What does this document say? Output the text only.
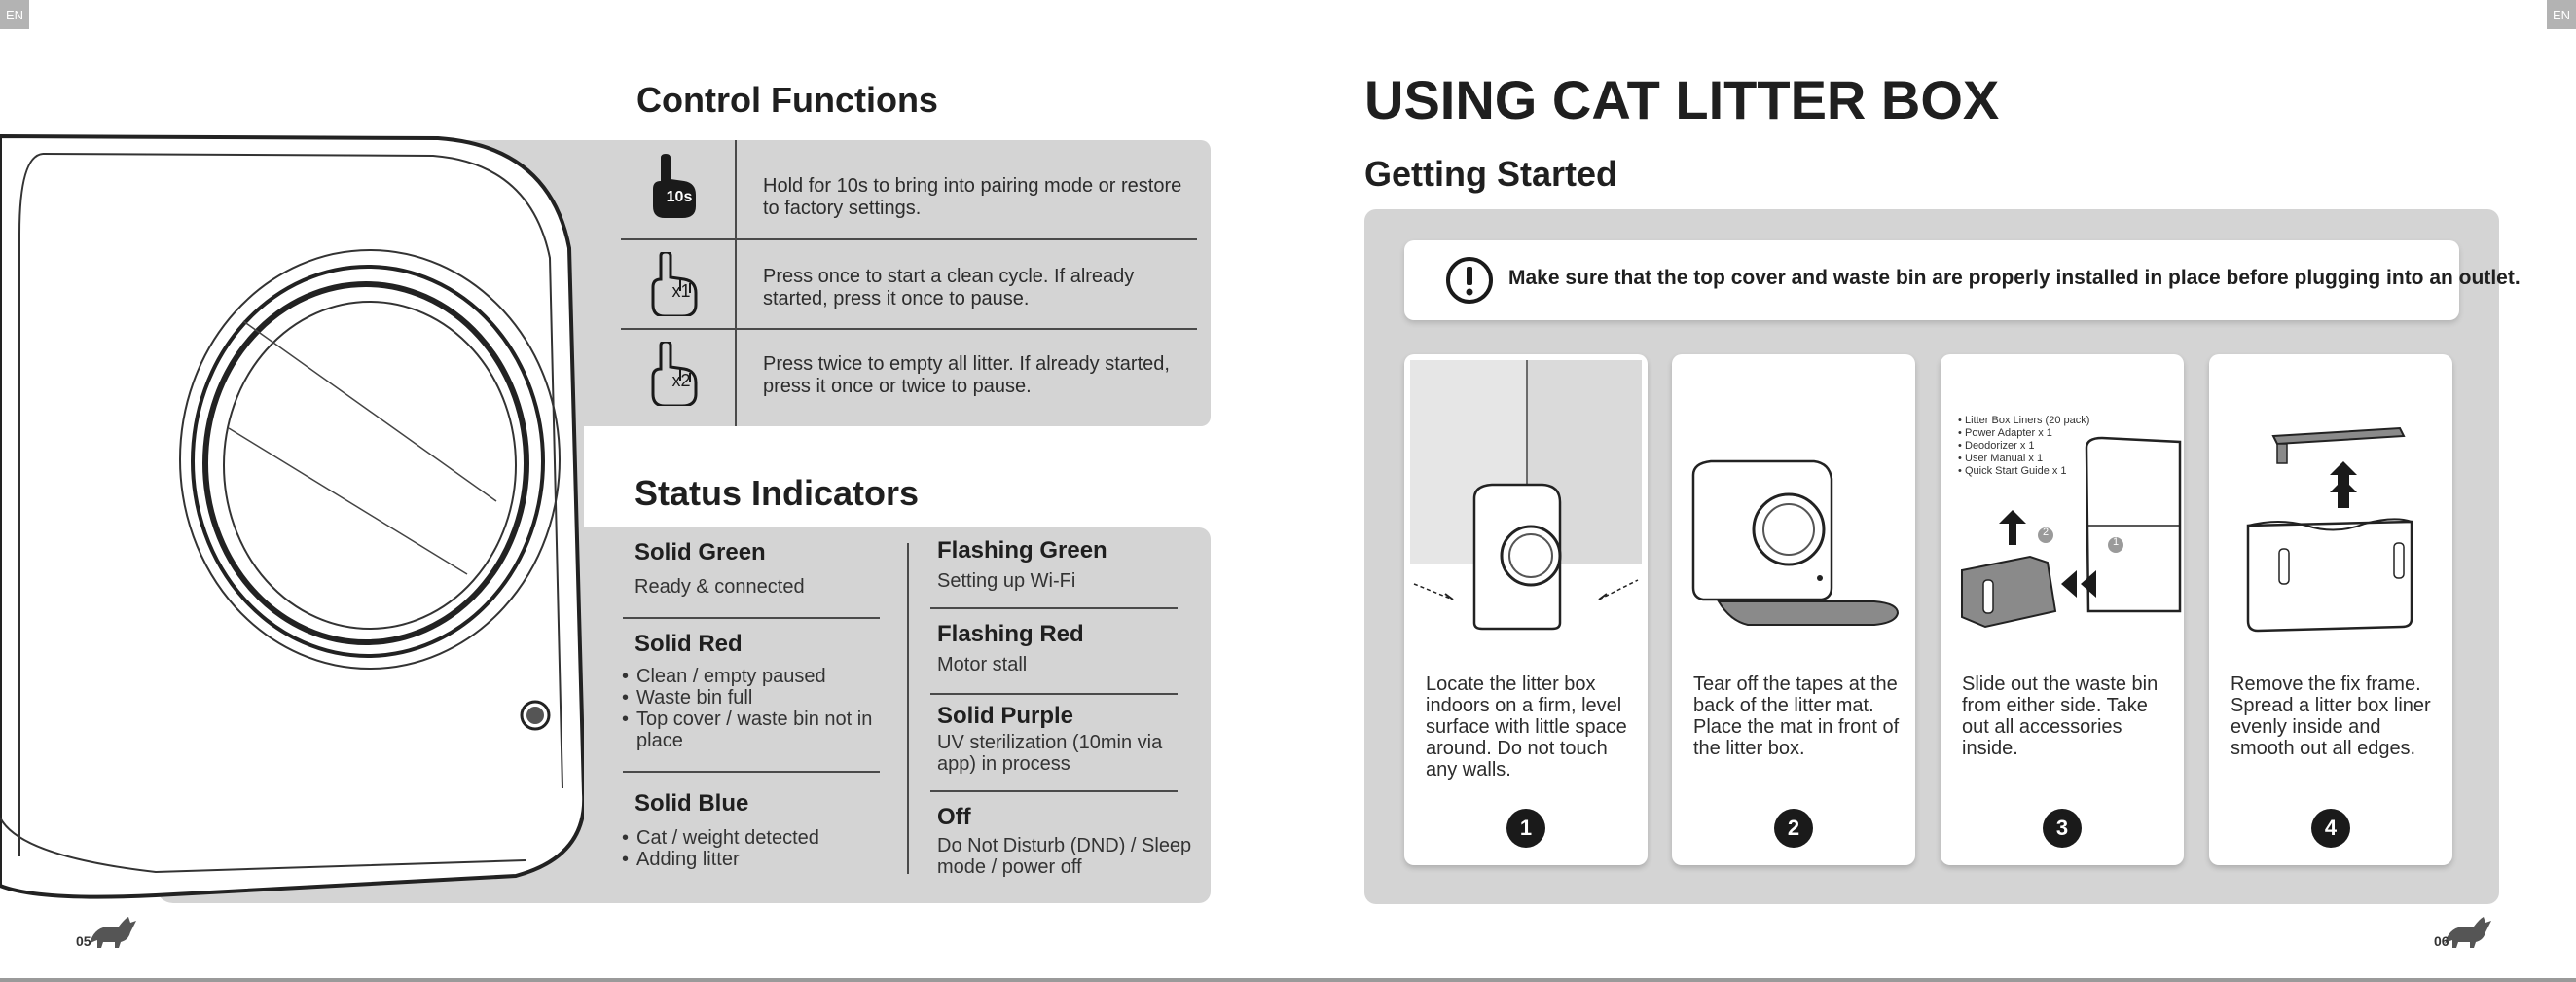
EN	EN
Control Functions
10s
Hold for 10s to bring into pairing mode or restore to factory settings.
x1
Press once to start a clean cycle. If already started, press it once to pause.
x2
Press twice to empty all litter. If already started, press it once or twice to pause.
Status Indicators
Solid Green
Ready & connected
Solid Red
• Clean / empty paused
• Waste bin full
• Top cover / waste bin not in place
Solid Blue
• Cat / weight detected
• Adding litter
Flashing Green
Setting up Wi-Fi
Flashing Red
Motor stall
Solid Purple
UV sterilization (10min via app) in process
Off
Do Not Disturb (DND) / Sleep mode / power off
05
USING CAT LITTER BOX
Getting Started
Make sure that the top cover and waste bin are properly installed in place before plugging into an outlet.
Locate the litter box indoors on a firm, level surface with little space around. Do not touch any walls.
1
Tear off the tapes at the back of the litter mat. Place the mat in front of the litter box.
2
• Litter Box Liners (20 pack)
• Power Adapter x 1
• Deodorizer x 1
• User Manual x 1
• Quick Start Guide x 1
2
1
Slide out the waste bin from either side. Take out all accessories inside.
3
Remove the fix frame. Spread a litter box liner evenly inside and smooth out all edges.
4
06
